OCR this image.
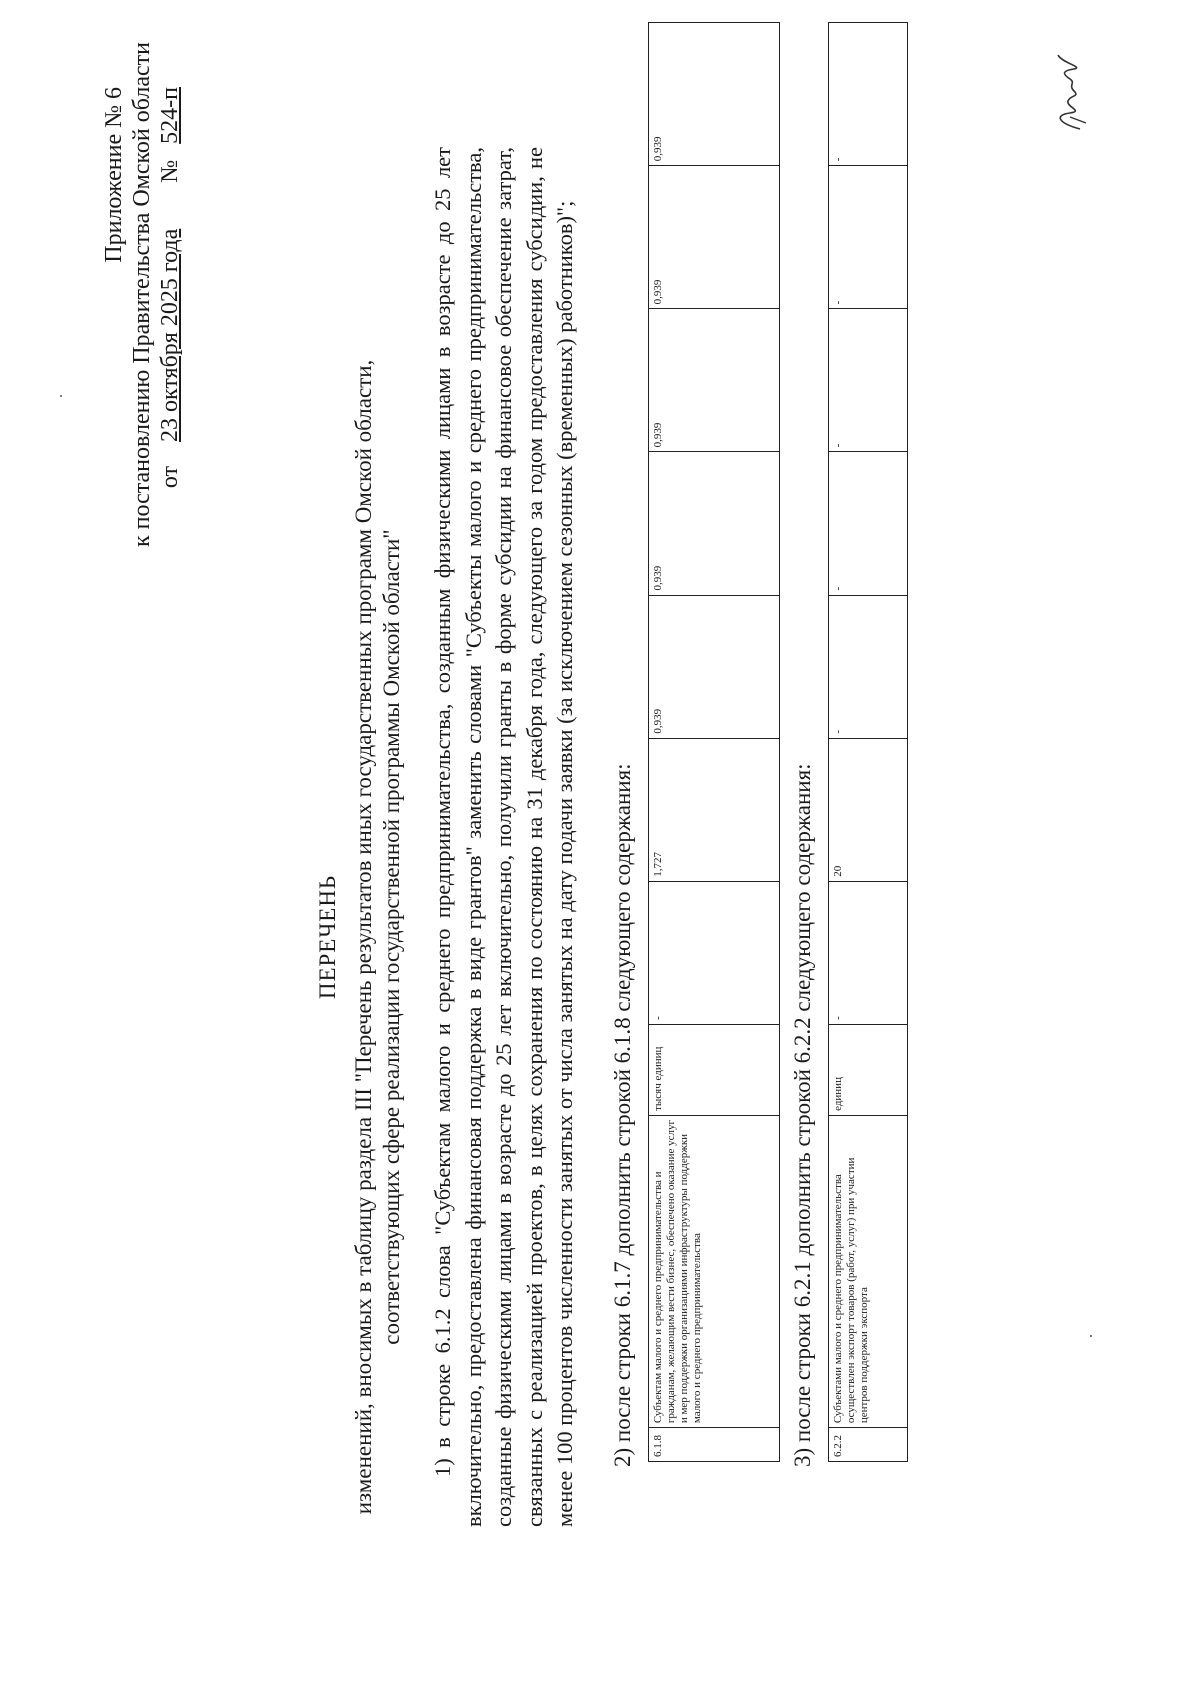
Приложение № 6 к постановлению Правительства Омской области от 23 октября 2025 года № 524-п
ПЕРЕЧЕНЬ изменений, вносимых в таблицу раздела III "Перечень результатов иных государственных программ Омской области, соответствующих сфере реализации государственной программы Омской области" 1) в строке 6.1.2 слова "Субъектам малого и среднего предпринимательства, созданным физическими лицами в возрасте до 25 лет включительно, предоставлена финансовая поддержка в виде грантов" заменить словами "Субъекты малого и среднего предпринимательства, созданные физическими лицами в возрасте до 25 лет включительно, получили гранты в форме субсидии на финансовое обеспечение затрат, связанных с реализацией проектов, в целях сохранения по состоянию на 31 декабря года, следующего за годом предоставления субсидии, не менее 100 процентов численности занятых от числа занятых на дату подачи заявки (за исключением сезонных (временных) работников)"; 2) после строки 6.1.7 дополнить строкой 6.1.8 следующего содержания: 6.1.8	Субъектам малого и среднего предпринимательства и гражданам, желающим вести бизнес, обеспечено оказание услуг и мер поддержки организациями инфраструктуры поддержки малого и среднего предпринимательства	тысяч единиц	-	1,727	0,939	0,939	0,939	0,939	0,939
3) после строки 6.2.1 дополнить строкой 6.2.2 следующего содержания: 6.2.2	Субъектами малого и среднего предпринимательства осуществлен экспорт товаров (работ, услуг) при участии центров поддержки экспорта	единиц	-	20	-	-	-	-	-
